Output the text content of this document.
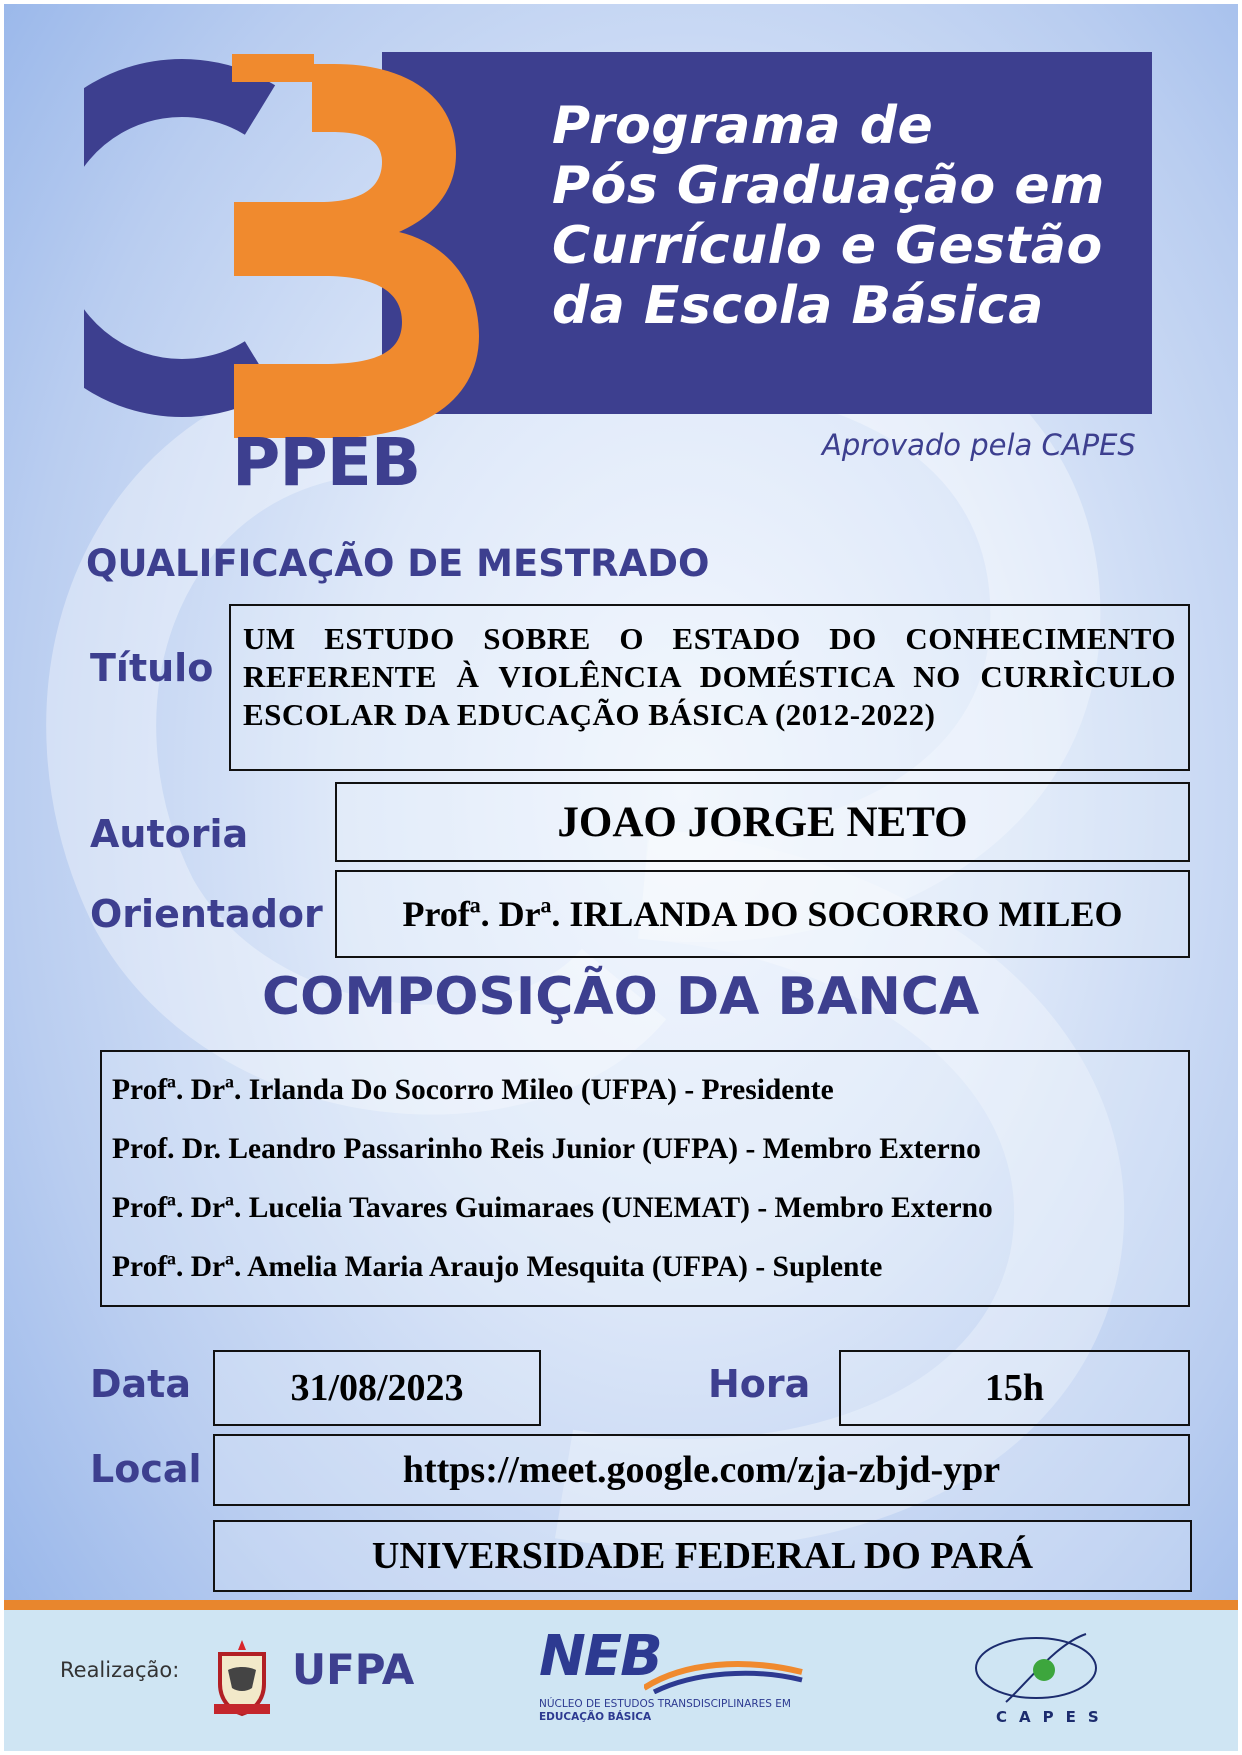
Programa de
Pós Graduação em
Currículo e Gestão
da Escola Básica
PPEB	Aprovado pela CAPES
QUALIFICAÇÃO DE MESTRADO
Título
UM ESTUDO SOBRE O ESTADO DO CONHECIMENTO REFERENTE À VIOLÊNCIA DOMÉSTICA NO CURRÌCULO ESCOLAR DA EDUCAÇÃO BÁSICA (2012-2022)
Autoria	JOAO JORGE NETO
Orientador	Profª. Drª. IRLANDA DO SOCORRO MILEO
COMPOSIÇÃO DA BANCA
Profª. Drª. Irlanda Do Socorro Mileo (UFPA) - Presidente
Prof. Dr. Leandro Passarinho Reis Junior (UFPA) - Membro Externo
Profª. Drª. Lucelia Tavares Guimaraes (UNEMAT) - Membro Externo
Profª. Drª. Amelia Maria Araujo Mesquita (UFPA) - Suplente
Data	31/08/2023	Hora	15h
Local	https://meet.google.com/zja-zbjd-ypr
UNIVERSIDADE FEDERAL DO PARÁ
Realização:	UFPA NEB
NÚCLEO DE ESTUDOS TRANSDISCIPLINARES EM
EDUCAÇÃO BÁSICA	CAPES
